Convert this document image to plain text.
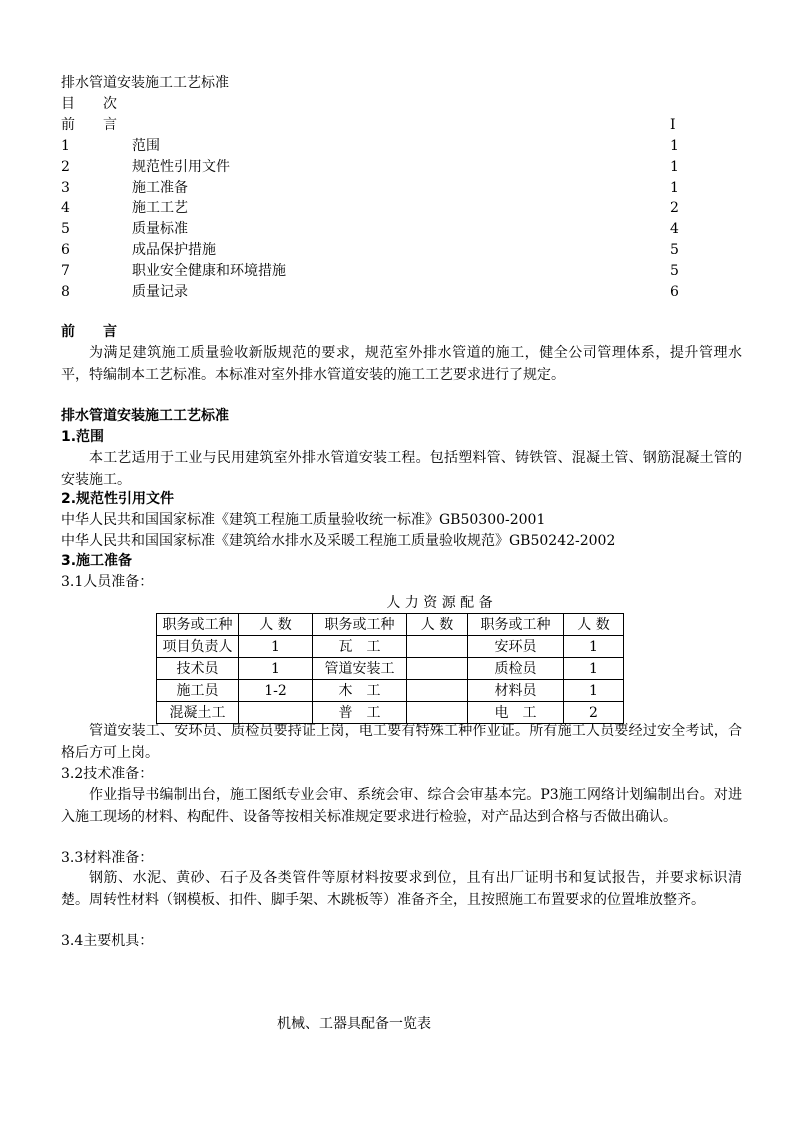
排水管道安装施工工艺标准
目　　次
前　　言	I
1	范围	1
2	规范性引用文件	1
3	施工准备	1
4	施工工艺	2
5	质量标准	4
6	成品保护措施	5
7	职业安全健康和环境措施	5
8	质量记录	6
前　　言
为满足建筑施工质量验收新版规范的要求，规范室外排水管道的施工，健全公司管理体系，提升管理水平，特编制本工艺标准。本标准对室外排水管道安装的施工工艺要求进行了规定。
排水管道安装施工工艺标准
1.范围
本工艺适用于工业与民用建筑室外排水管道安装工程。包括塑料管、铸铁管、混凝土管、钢筋混凝土管的安装施工。
2.规范性引用文件
中华人民共和国国家标准《建筑工程施工质量验收统一标准》GB50300-2001
中华人民共和国国家标准《建筑给水排水及采暖工程施工质量验收规范》GB50242-2002
3.施工准备
3.1人员准备：
人 力 资 源 配 备
职务或工种	人 数	职务或工种	人 数	职务或工种	人 数
项目负责人	1	瓦　工		安环员	1
技术员	1	管道安装工		质检员	1
施工员	1-2	木　工		材料员	1
混凝土工		普　工		电　工	2
管道安装工、安环员、质检员要持证上岗，电工要有特殊工种作业证。所有施工人员要经过安全考试，合格后方可上岗。
3.2技术准备：
作业指导书编制出台，施工图纸专业会审、系统会审、综合会审基本完。P3施工网络计划编制出台。对进入施工现场的材料、构配件、设备等按相关标准规定要求进行检验，对产品达到合格与否做出确认。
3.3材料准备：
钢筋、水泥、黄砂、石子及各类管件等原材料按要求到位，且有出厂证明书和复试报告，并要求标识清楚。周转性材料（钢模板、扣件、脚手架、木跳板等）准备齐全，且按照施工布置要求的位置堆放整齐。
3.4主要机具：
机械、工器具配备一览表
